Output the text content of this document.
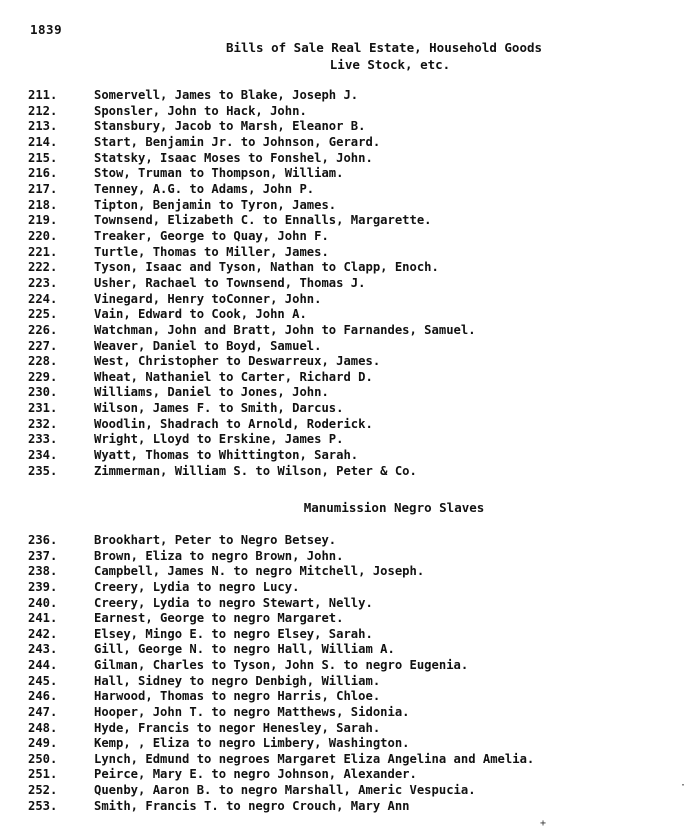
1839
Bills of Sale Real Estate, Household Goods
Live Stock, etc.
211.	Somervell, James to Blake, Joseph J.
212.	Sponsler, John to Hack, John.
213.	Stansbury, Jacob to Marsh, Eleanor B.
214.	Start, Benjamin Jr. to Johnson, Gerard.
215.	Statsky, Isaac Moses to Fonshel, John.
216.	Stow, Truman to Thompson, William.
217.	Tenney, A.G. to Adams, John P.
218.	Tipton, Benjamin to Tyron, James.
219.	Townsend, Elizabeth C. to Ennalls, Margarette.
220.	Treaker, George to Quay, John F.
221.	Turtle, Thomas to Miller, James.
222.	Tyson, Isaac and Tyson, Nathan to Clapp, Enoch.
223.	Usher, Rachael to Townsend, Thomas J.
224.	Vinegard, Henry toConner, John.
225.	Vain, Edward to Cook, John A.
226.	Watchman, John and Bratt, John to Farnandes, Samuel.
227.	Weaver, Daniel to Boyd, Samuel.
228.	West, Christopher to Deswarreux, James.
229.	Wheat, Nathaniel to Carter, Richard D.
230.	Williams, Daniel to Jones, John.
231.	Wilson, James F. to Smith, Darcus.
232.	Woodlin, Shadrach to Arnold, Roderick.
233.	Wright, Lloyd to Erskine, James P.
234.	Wyatt, Thomas to Whittington, Sarah.
235.	Zimmerman, William S. to Wilson, Peter & Co.
Manumission Negro Slaves
236.	Brookhart, Peter to Negro Betsey.
237.	Brown, Eliza to negro Brown, John.
238.	Campbell, James N. to negro Mitchell, Joseph.
239.	Creery, Lydia to negro Lucy.
240.	Creery, Lydia to negro Stewart, Nelly.
241.	Earnest, George to negro Margaret.
242.	Elsey, Mingo E. to negro Elsey, Sarah.
243.	Gill, George N. to negro Hall, William A.
244.	Gilman, Charles to Tyson, John S. to negro Eugenia.
245.	Hall, Sidney to negro Denbigh, William.
246.	Harwood, Thomas to negro Harris, Chloe.
247.	Hooper, John T. to negro Matthews, Sidonia.
248.	Hyde, Francis to negor Henesley, Sarah.
249.	Kemp, , Eliza to negro Limbery, Washington.
250.	Lynch, Edmund to negroes Margaret Eliza Angelina and Amelia.
251.	Peirce, Mary E. to negro Johnson, Alexander.
252.	Quenby, Aaron B. to negro Marshall, Americ Vespucia.
253.	Smith, Francis T. to negro Crouch, Mary Ann
·
+
